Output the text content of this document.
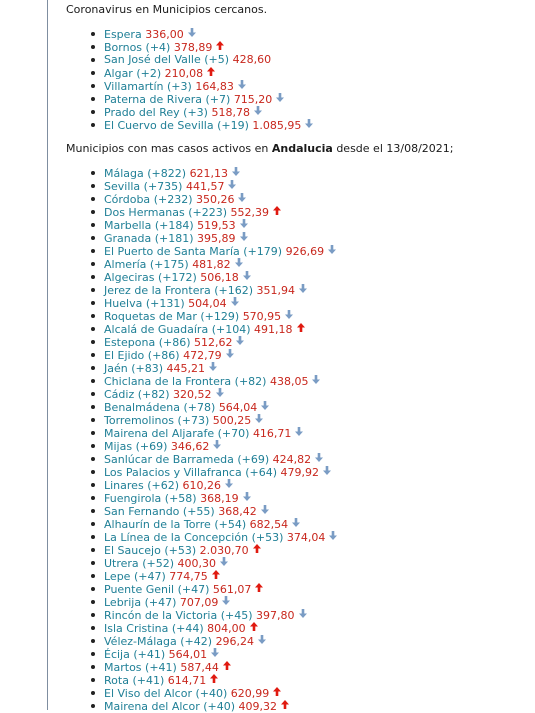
Coronavirus en Municipios cercanos.

Espera 336,00
Bornos (+4) 378,89
San José del Valle (+5) 428,60
Algar (+2) 210,08
Villamartín (+3) 164,83
Paterna de Rivera (+7) 715,20
Prado del Rey (+3) 518,78
El Cuervo de Sevilla (+19) 1.085,95

Municipios con mas casos activos en Andalucia desde el 13/08/2021;

Málaga (+822) 621,13
Sevilla (+735) 441,57
Córdoba (+232) 350,26
Dos Hermanas (+223) 552,39
Marbella (+184) 519,53
Granada (+181) 395,89
El Puerto de Santa María (+179) 926,69
Almería (+175) 481,82
Algeciras (+172) 506,18
Jerez de la Frontera (+162) 351,94
Huelva (+131) 504,04
Roquetas de Mar (+129) 570,95
Alcalá de Guadaíra (+104) 491,18
Estepona (+86) 512,62
El Ejido (+86) 472,79
Jaén (+83) 445,21
Chiclana de la Frontera (+82) 438,05
Cádiz (+82) 320,52
Benalmádena (+78) 564,04
Torremolinos (+73) 500,25
Mairena del Aljarafe (+70) 416,71
Mijas (+69) 346,62
Sanlúcar de Barrameda (+69) 424,82
Los Palacios y Villafranca (+64) 479,92
Linares (+62) 610,26
Fuengirola (+58) 368,19
San Fernando (+55) 368,42
Alhaurín de la Torre (+54) 682,54
La Línea de la Concepción (+53) 374,04
El Saucejo (+53) 2.030,70
Utrera (+52) 400,30
Lepe (+47) 774,75
Puente Genil (+47) 561,07
Lebrija (+47) 707,09
Rincón de la Victoria (+45) 397,80
Isla Cristina (+44) 804,00
Vélez-Málaga (+42) 296,24
Écija (+41) 564,01
Martos (+41) 587,44
Rota (+41) 614,71
El Viso del Alcor (+40) 620,99
Mairena del Alcor (+40) 409,32
